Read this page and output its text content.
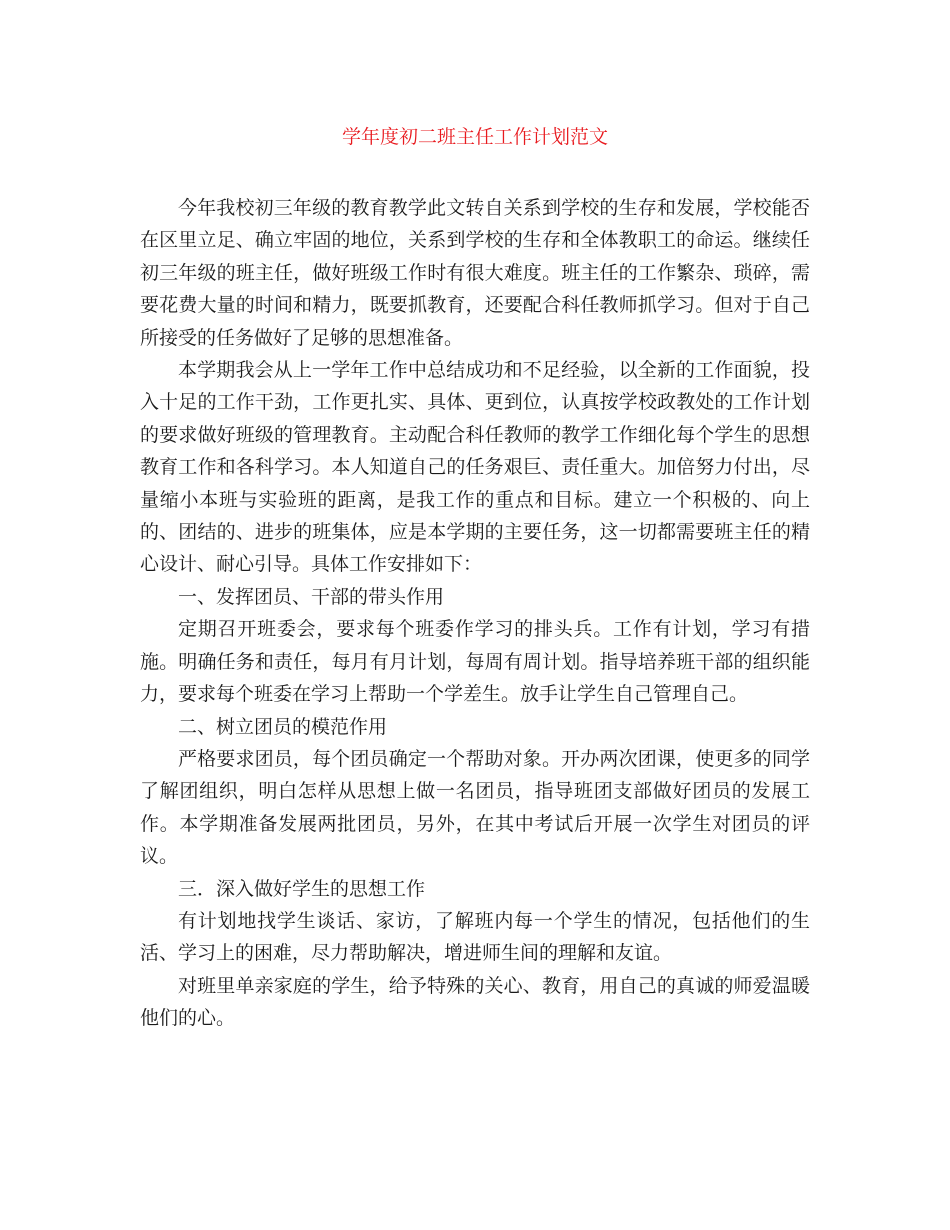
学年度初二班主任工作计划范文

今年我校初三年级的教育教学此文转自关系到学校的生存和发展，学校能否在区里立足、确立牢固的地位，关系到学校的生存和全体教职工的命运。继续任初三年级的班主任，做好班级工作时有很大难度。班主任的工作繁杂、琐碎，需要花费大量的时间和精力，既要抓教育，还要配合科任教师抓学习。但对于自己所接受的任务做好了足够的思想准备。

本学期我会从上一学年工作中总结成功和不足经验，以全新的工作面貌，投入十足的工作干劲，工作更扎实、具体、更到位，认真按学校政教处的工作计划的要求做好班级的管理教育。主动配合科任教师的教学工作细化每个学生的思想教育工作和各科学习。本人知道自己的任务艰巨、责任重大。加倍努力付出，尽量缩小本班与实验班的距离，是我工作的重点和目标。建立一个积极的、向上的、团结的、进步的班集体，应是本学期的主要任务，这一切都需要班主任的精心设计、耐心引导。具体工作安排如下：

一、发挥团员、干部的带头作用

定期召开班委会，要求每个班委作学习的排头兵。工作有计划，学习有措施。明确任务和责任，每月有月计划，每周有周计划。指导培养班干部的组织能力，要求每个班委在学习上帮助一个学差生。放手让学生自己管理自己。

二、树立团员的模范作用

严格要求团员，每个团员确定一个帮助对象。开办两次团课，使更多的同学了解团组织，明白怎样从思想上做一名团员，指导班团支部做好团员的发展工作。本学期准备发展两批团员，另外，在其中考试后开展一次学生对团员的评议。

三．深入做好学生的思想工作

有计划地找学生谈话、家访，了解班内每一个学生的情况，包括他们的生活、学习上的困难，尽力帮助解决，增进师生间的理解和友谊。

对班里单亲家庭的学生，给予特殊的关心、教育，用自己的真诚的师爱温暖他们的心。
